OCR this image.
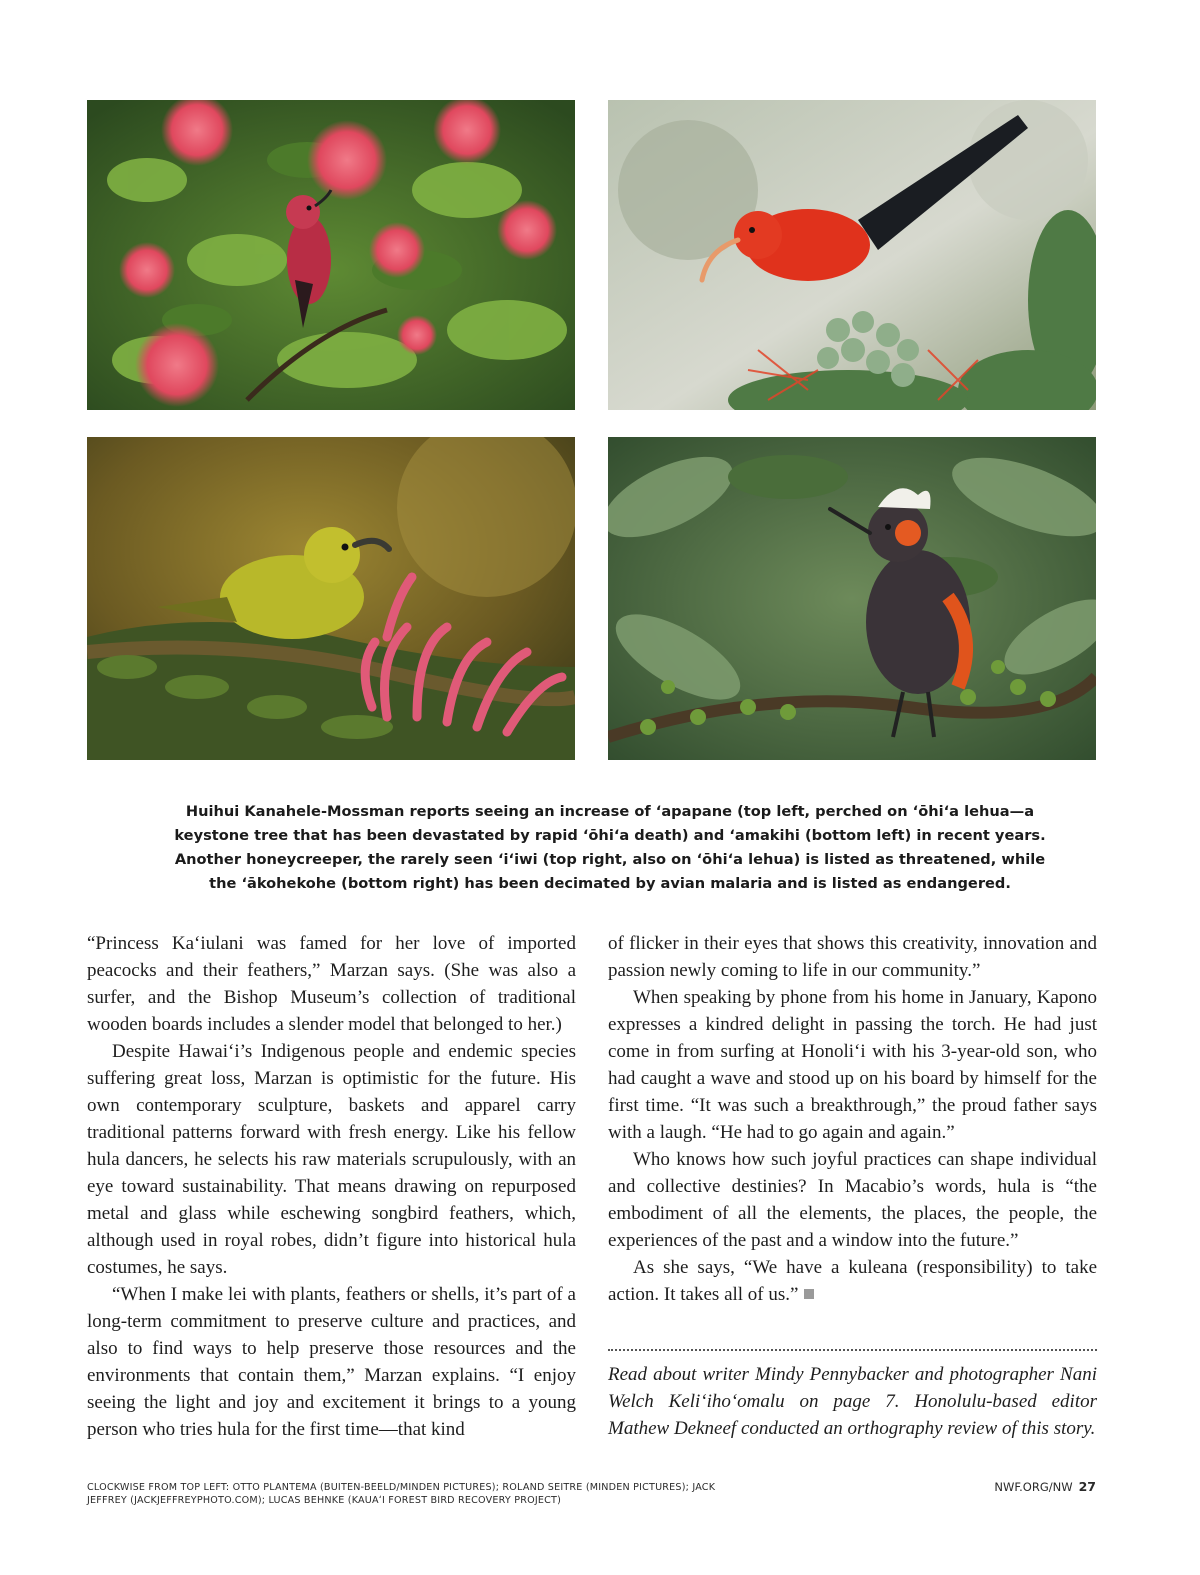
Huihui Kanahele-Mossman reports seeing an increase of ʻapapane (top left, perched on ʻōhiʻa lehua—a
keystone tree that has been devastated by rapid ʻōhiʻa death) and ʻamakihi (bottom left) in recent years.
Another honeycreeper, the rarely seen ʻiʻiwi (top right, also on ʻōhiʻa lehua) is listed as threatened, while
the ʻākohekohe (bottom right) has been decimated by avian malaria and is listed as endangered.

“Princess Kaʻiulani was famed for her love of imported peacocks and their feathers,” Marzan says. (She was also a surfer, and the Bishop Museum’s collection of traditional wooden boards includes a slender model that belonged to her.)

Despite Hawaiʻi’s Indigenous people and endemic species suffering great loss, Marzan is optimistic for the future. His own contemporary sculpture, baskets and apparel carry traditional patterns forward with fresh energy. Like his fellow hula dancers, he selects his raw materials scrupulously, with an eye toward sustainability. That means drawing on repurposed metal and glass while eschewing songbird feathers, which, although used in royal robes, didn’t figure into historical hula costumes, he says.

“When I make lei with plants, feathers or shells, it’s part of a long-term commitment to preserve culture and practices, and also to find ways to help preserve those resources and the environments that contain them,” Marzan explains. “I enjoy seeing the light and joy and excitement it brings to a young person who tries hula for the first time—that kind

of flicker in their eyes that shows this creativity, innovation and passion newly coming to life in our community.”

When speaking by phone from his home in January, Kapono expresses a kindred delight in passing the torch. He had just come in from surfing at Honoliʻi with his 3-year-old son, who had caught a wave and stood up on his board by himself for the first time. “It was such a breakthrough,” the proud father says with a laugh. “He had to go again and again.”

Who knows how such joyful practices can shape individual and collective destinies? In Macabio’s words, hula is “the embodiment of all the elements, the places, the people, the experiences of the past and a window into the future.”

As she says, “We have a kuleana (responsibility) to take action. It takes all of us.”

Read about writer Mindy Pennybacker and photographer Nani Welch Keliʻihoʻomalu on page 7. Honolulu-based editor Mathew Dekneef conducted an orthography review of this story.

CLOCKWISE FROM TOP LEFT: OTTO PLANTEMA (BUITEN-BEELD/MINDEN PICTURES); ROLAND SEITRE (MINDEN PICTURES); JACK JEFFREY (JACKJEFFREYPHOTO.COM); LUCAS BEHNKE (KAUAʻI FOREST BIRD RECOVERY PROJECT)

NWF.ORG/NW 27
